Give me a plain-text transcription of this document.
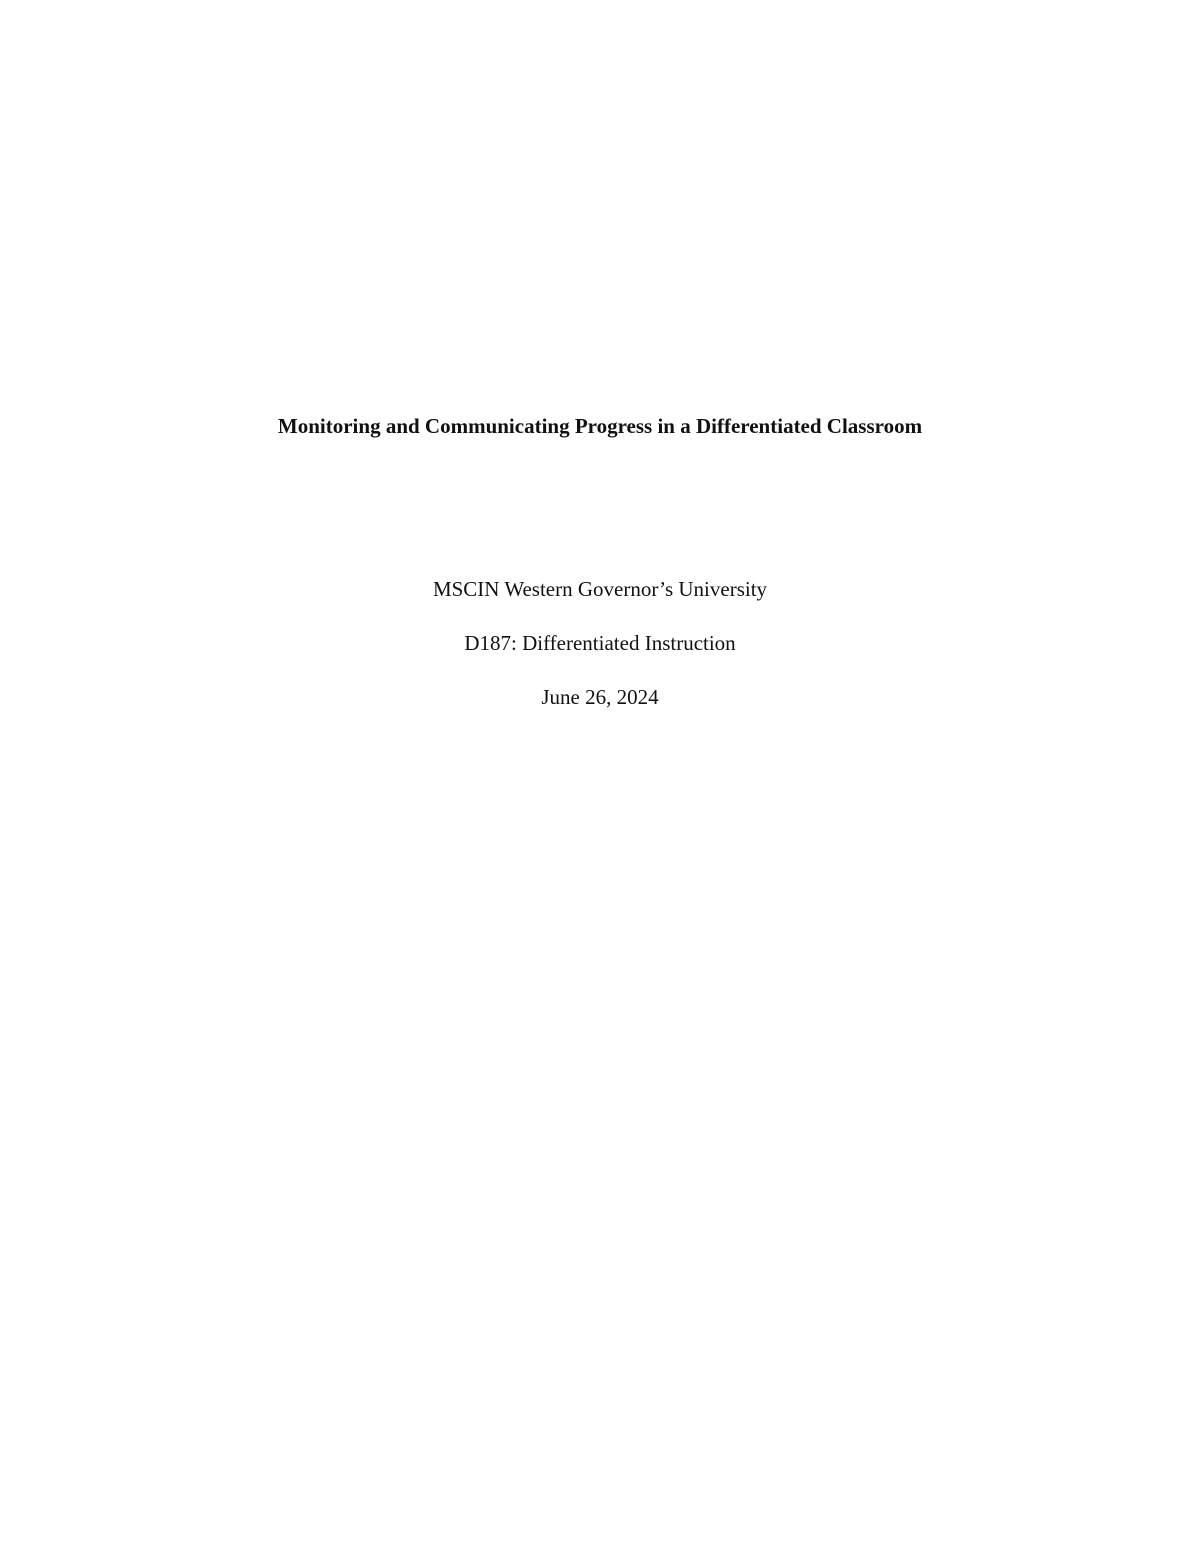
Monitoring and Communicating Progress in a Differentiated Classroom
MSCIN Western Governor’s University
D187: Differentiated Instruction
June 26, 2024
